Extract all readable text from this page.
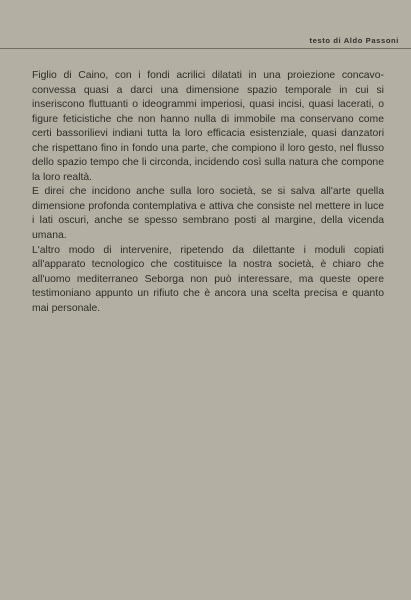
testo di Aldo Passoni

Figlio di Caino, con i fondi acrilici dilatati in una proiezione concavo-convessa quasi a darci una dimensione spazio temporale in cui si inseriscono fluttuanti o ideogrammi imperiosi, quasi incisi, quasi lacerati, o figure feticistiche che non hanno nulla di immobile ma conservano come certi bassorilievi indiani tutta la loro efficacia esistenziale, quasi danzatori che rispettano fino in fondo una parte, che compiono il loro gesto, nel flusso dello spazio tempo che li circonda, incidendo così sulla natura che compone la loro realtà.

E direi che incidono anche sulla loro società, se si salva all'arte quella dimensione profonda contemplativa e attiva che consiste nel mettere in luce i lati oscuri, anche se spesso sembrano posti al margine, della vicenda umana.

L'altro modo di intervenire, ripetendo da dilettante i moduli copiati all'apparato tecnologico che costituisce la nostra società, è chiaro che all'uomo mediterraneo Seborga non può interessare, ma queste opere testimoniano appunto un rifiuto che è ancora una scelta precisa e quanto mai personale.
